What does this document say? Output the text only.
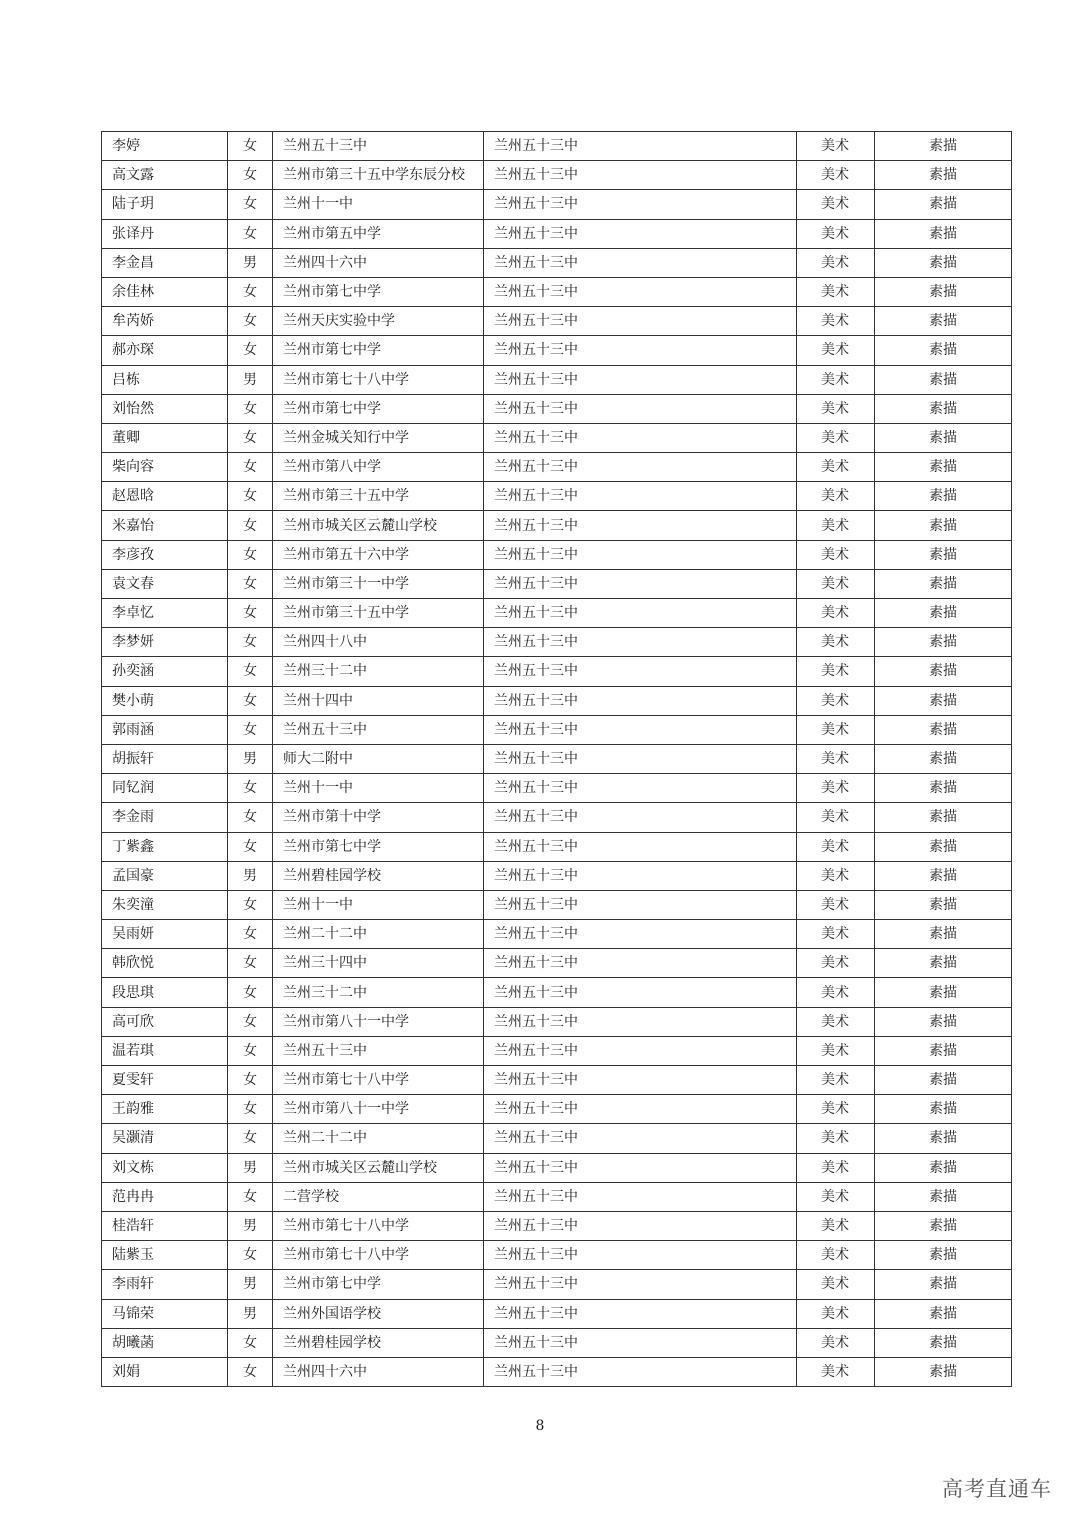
李婷	女	兰州五十三中	兰州五十三中	美术	素描
高文露	女	兰州市第三十五中学东辰分校	兰州五十三中	美术	素描
陆子玥	女	兰州十一中	兰州五十三中	美术	素描
张译丹	女	兰州市第五中学	兰州五十三中	美术	素描
李金昌	男	兰州四十六中	兰州五十三中	美术	素描
余佳林	女	兰州市第七中学	兰州五十三中	美术	素描
牟芮娇	女	兰州天庆实验中学	兰州五十三中	美术	素描
郝亦琛	女	兰州市第七中学	兰州五十三中	美术	素描
吕栋	男	兰州市第七十八中学	兰州五十三中	美术	素描
刘怡然	女	兰州市第七中学	兰州五十三中	美术	素描
董卿	女	兰州金城关知行中学	兰州五十三中	美术	素描
柴向容	女	兰州市第八中学	兰州五十三中	美术	素描
赵恩晗	女	兰州市第三十五中学	兰州五十三中	美术	素描
米嘉怡	女	兰州市城关区云麓山学校	兰州五十三中	美术	素描
李彦孜	女	兰州市第五十六中学	兰州五十三中	美术	素描
袁文春	女	兰州市第三十一中学	兰州五十三中	美术	素描
李卓忆	女	兰州市第三十五中学	兰州五十三中	美术	素描
李梦妍	女	兰州四十八中	兰州五十三中	美术	素描
孙奕涵	女	兰州三十二中	兰州五十三中	美术	素描
樊小萌	女	兰州十四中	兰州五十三中	美术	素描
郭雨涵	女	兰州五十三中	兰州五十三中	美术	素描
胡振轩	男	师大二附中	兰州五十三中	美术	素描
同钇润	女	兰州十一中	兰州五十三中	美术	素描
李金雨	女	兰州市第十中学	兰州五十三中	美术	素描
丁紫鑫	女	兰州市第七中学	兰州五十三中	美术	素描
孟国豪	男	兰州碧桂园学校	兰州五十三中	美术	素描
朱奕潼	女	兰州十一中	兰州五十三中	美术	素描
吴雨妍	女	兰州二十二中	兰州五十三中	美术	素描
韩欣悦	女	兰州三十四中	兰州五十三中	美术	素描
段思琪	女	兰州三十二中	兰州五十三中	美术	素描
高可欣	女	兰州市第八十一中学	兰州五十三中	美术	素描
温若琪	女	兰州五十三中	兰州五十三中	美术	素描
夏雯轩	女	兰州市第七十八中学	兰州五十三中	美术	素描
王韵雅	女	兰州市第八十一中学	兰州五十三中	美术	素描
吴灏清	女	兰州二十二中	兰州五十三中	美术	素描
刘文栋	男	兰州市城关区云麓山学校	兰州五十三中	美术	素描
范冉冉	女	二营学校	兰州五十三中	美术	素描
桂浩轩	男	兰州市第七十八中学	兰州五十三中	美术	素描
陆紫玉	女	兰州市第七十八中学	兰州五十三中	美术	素描
李雨轩	男	兰州市第七中学	兰州五十三中	美术	素描
马锦荣	男	兰州外国语学校	兰州五十三中	美术	素描
胡曦菡	女	兰州碧桂园学校	兰州五十三中	美术	素描
刘娟	女	兰州四十六中	兰州五十三中	美术	素描
8
高考直通车
